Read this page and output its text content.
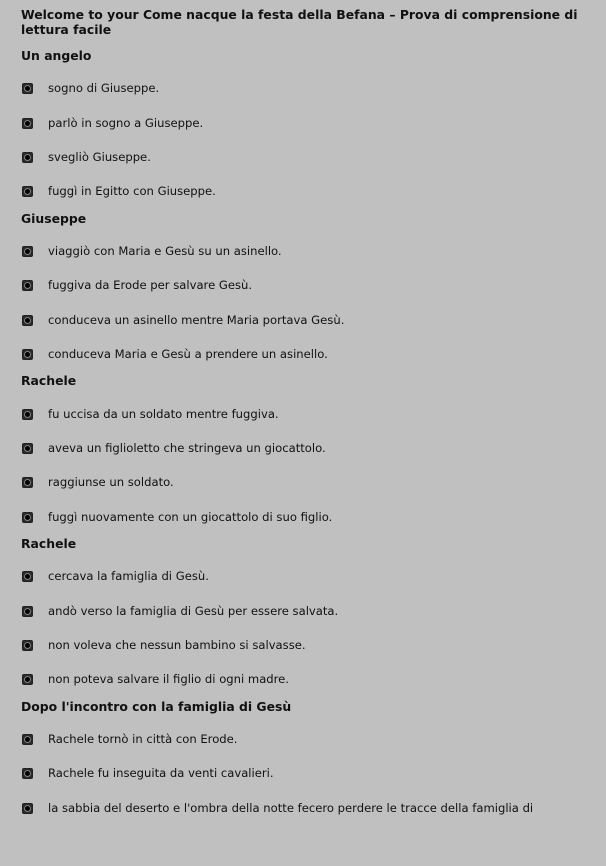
Welcome to your Come nacque la festa della Befana – Prova di comprensione di lettura facile
Un angelo
sogno di Giuseppe.
parlò in sogno a Giuseppe.
svegliò Giuseppe.
fuggì in Egitto con Giuseppe.
Giuseppe
viaggiò con Maria e Gesù su un asinello.
fuggiva da Erode per salvare Gesù.
conduceva un asinello mentre Maria portava Gesù.
conduceva Maria e Gesù a prendere un asinello.
Rachele
fu uccisa da un soldato mentre fuggiva.
aveva un figlioletto che stringeva un giocattolo.
raggiunse un soldato.
fuggì nuovamente con un giocattolo di suo figlio.
Rachele
cercava la famiglia di Gesù.
andò verso la famiglia di Gesù per essere salvata.
non voleva che nessun bambino si salvasse.
non poteva salvare il figlio di ogni madre.
Dopo l'incontro con la famiglia di Gesù
Rachele tornò in città con Erode.
Rachele fu inseguita da venti cavalieri.
la sabbia del deserto e l'ombra della notte fecero perdere le tracce della famiglia di
